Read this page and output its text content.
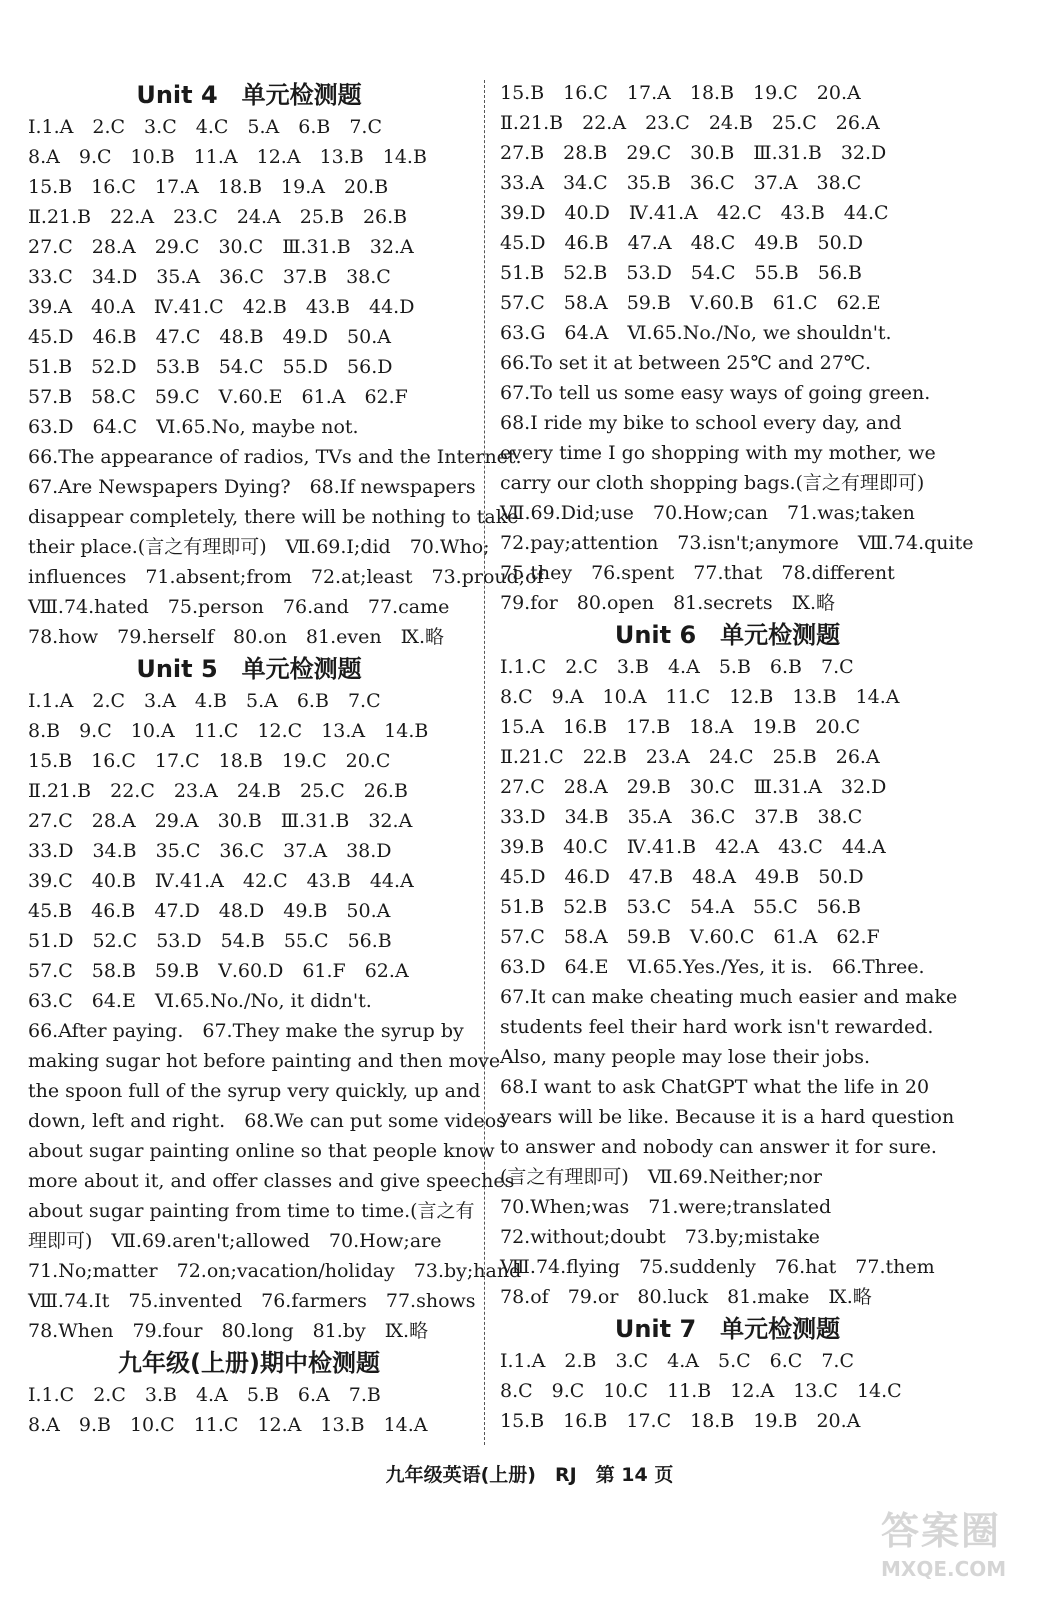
Unit 4　单元检测题
Ⅰ.1.A　2.C　3.C　4.C　5.A　6.B　7.C
8.A　9.C　10.B　11.A　12.A　13.B　14.B
15.B　16.C　17.A　18.B　19.A　20.B
Ⅱ.21.B　22.A　23.C　24.A　25.B　26.B
27.C　28.A　29.C　30.C　Ⅲ.31.B　32.A
33.C　34.D　35.A　36.C　37.B　38.C
39.A　40.A　Ⅳ.41.C　42.B　43.B　44.D
45.D　46.B　47.C　48.B　49.D　50.A
51.B　52.D　53.B　54.C　55.D　56.D
57.B　58.C　59.C　Ⅴ.60.E　61.A　62.F
63.D　64.C　Ⅵ.65.No, maybe not.
66.The appearance of radios, TVs and the Internet.
67.Are Newspapers Dying?　68.If newspapers
disappear completely, there will be nothing to take
their place.(言之有理即可)　Ⅶ.69.I;did　70.Who;
influences　71.absent;from　72.at;least　73.proud;of
Ⅷ.74.hated　75.person　76.and　77.came
78.how　79.herself　80.on　81.even　Ⅸ.略
Unit 5　单元检测题
Ⅰ.1.A　2.C　3.A　4.B　5.A　6.B　7.C
8.B　9.C　10.A　11.C　12.C　13.A　14.B
15.B　16.C　17.C　18.B　19.C　20.C
Ⅱ.21.B　22.C　23.A　24.B　25.C　26.B
27.C　28.A　29.A　30.B　Ⅲ.31.B　32.A
33.D　34.B　35.C　36.C　37.A　38.D
39.C　40.B　Ⅳ.41.A　42.C　43.B　44.A
45.B　46.B　47.D　48.D　49.B　50.A
51.D　52.C　53.D　54.B　55.C　56.B
57.C　58.B　59.B　Ⅴ.60.D　61.F　62.A
63.C　64.E　Ⅵ.65.No./No, it didn't.
66.After paying.　67.They make the syrup by
making sugar hot before painting and then move
the spoon full of the syrup very quickly, up and
down, left and right.　68.We can put some videos
about sugar painting online so that people know
more about it, and offer classes and give speeches
about sugar painting from time to time.(言之有
理即可)　Ⅶ.69.aren't;allowed　70.How;are
71.No;matter　72.on;vacation/holiday　73.by;hand
Ⅷ.74.It　75.invented　76.farmers　77.shows
78.When　79.four　80.long　81.by　Ⅸ.略
九年级(上册)期中检测题
Ⅰ.1.C　2.C　3.B　4.A　5.B　6.A　7.B
8.A　9.B　10.C　11.C　12.A　13.B　14.A
15.B　16.C　17.A　18.B　19.C　20.A
Ⅱ.21.B　22.A　23.C　24.B　25.C　26.A
27.B　28.B　29.C　30.B　Ⅲ.31.B　32.D
33.A　34.C　35.B　36.C　37.A　38.C
39.D　40.D　Ⅳ.41.A　42.C　43.B　44.C
45.D　46.B　47.A　48.C　49.B　50.D
51.B　52.B　53.D　54.C　55.B　56.B
57.C　58.A　59.B　Ⅴ.60.B　61.C　62.E
63.G　64.A　Ⅵ.65.No./No, we shouldn't.
66.To set it at between 25℃ and 27℃.
67.To tell us some easy ways of going green.
68.I ride my bike to school every day, and
every time I go shopping with my mother, we
carry our cloth shopping bags.(言之有理即可)
Ⅶ.69.Did;use　70.How;can　71.was;taken
72.pay;attention　73.isn't;anymore　Ⅷ.74.quite
75.they　76.spent　77.that　78.different
79.for　80.open　81.secrets　Ⅸ.略
Unit 6　单元检测题
Ⅰ.1.C　2.C　3.B　4.A　5.B　6.B　7.C
8.C　9.A　10.A　11.C　12.B　13.B　14.A
15.A　16.B　17.B　18.A　19.B　20.C
Ⅱ.21.C　22.B　23.A　24.C　25.B　26.A
27.C　28.A　29.B　30.C　Ⅲ.31.A　32.D
33.D　34.B　35.A　36.C　37.B　38.C
39.B　40.C　Ⅳ.41.B　42.A　43.C　44.A
45.D　46.D　47.B　48.A　49.B　50.D
51.B　52.B　53.C　54.A　55.C　56.B
57.C　58.A　59.B　Ⅴ.60.C　61.A　62.F
63.D　64.E　Ⅵ.65.Yes./Yes, it is.　66.Three.
67.It can make cheating much easier and make
students feel their hard work isn't rewarded.
Also, many people may lose their jobs.
68.I want to ask ChatGPT what the life in 20
years will be like. Because it is a hard question
to answer and nobody can answer it for sure.
(言之有理即可)　Ⅶ.69.Neither;nor
70.When;was　71.were;translated
72.without;doubt　73.by;mistake
Ⅷ.74.flying　75.suddenly　76.hat　77.them
78.of　79.or　80.luck　81.make　Ⅸ.略
Unit 7　单元检测题
Ⅰ.1.A　2.B　3.C　4.A　5.C　6.C　7.C
8.C　9.C　10.C　11.B　12.A　13.C　14.C
15.B　16.B　17.C　18.B　19.B　20.A
九年级英语(上册)　RJ　第 14 页
答案圈
MXQE.COM
